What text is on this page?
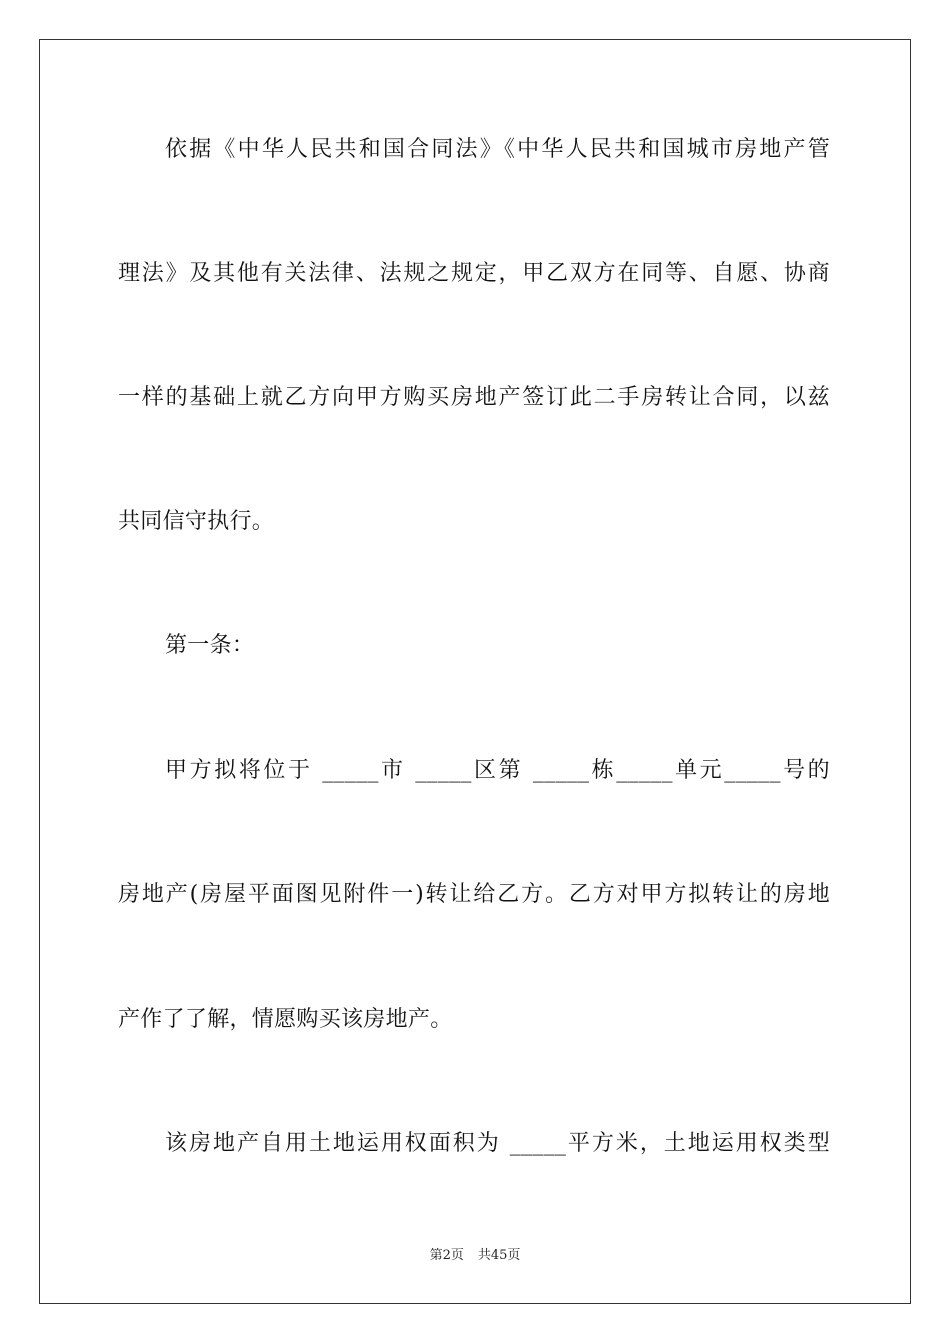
依据《中华人民共和国合同法》《中华人民共和国城市房地产管
理法》及其他有关法律、法规之规定，甲乙双方在同等、自愿、协商
一样的基础上就乙方向甲方购买房地产签订此二手房转让合同，以兹
共同信守执行。
第一条：
甲方拟将位于 _____市 _____区第 _____栋_____单元_____号的
房地产(房屋平面图见附件一)转让给乙方。乙方对甲方拟转让的房地
产作了了解，情愿购买该房地产。
该房地产自用土地运用权面积为 _____平方米，土地运用权类型
第2页 共45页
